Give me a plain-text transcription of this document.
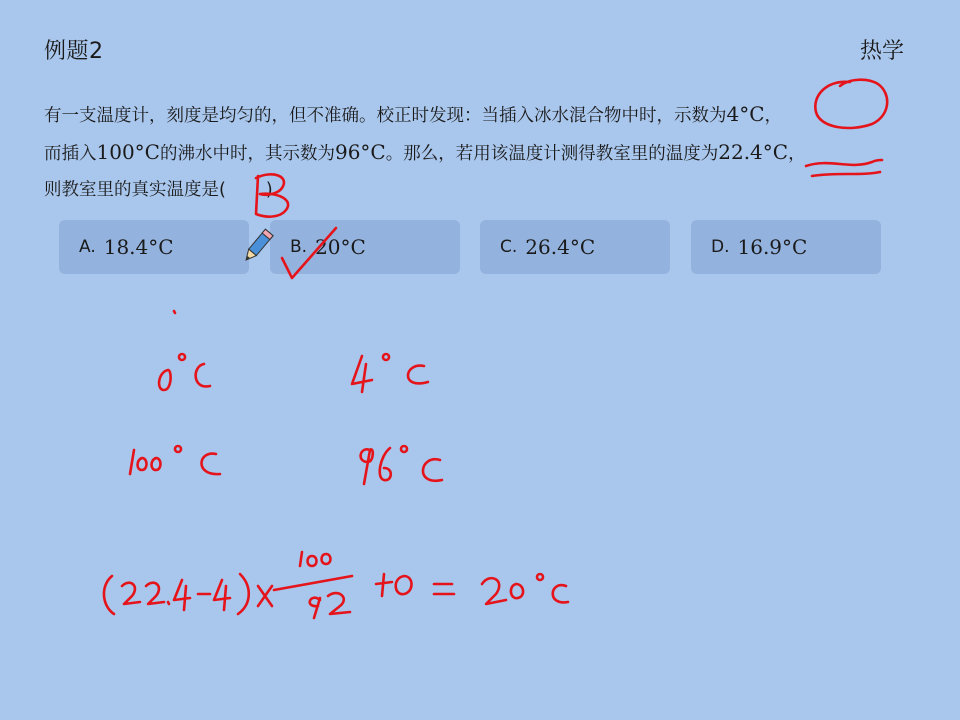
例题2	热学
有一支温度计，刻度是均匀的，但不准确。校正时发现：当插入冰水混合物中时，示数为4°C，
而插入100°C的沸水中时，其示数为96°C。那么，若用该温度计测得教室里的温度为22.4°C，
则教室里的真实温度是( )
A. 18.4°C	B. 20°C	C. 26.4°C	D. 16.9°C
